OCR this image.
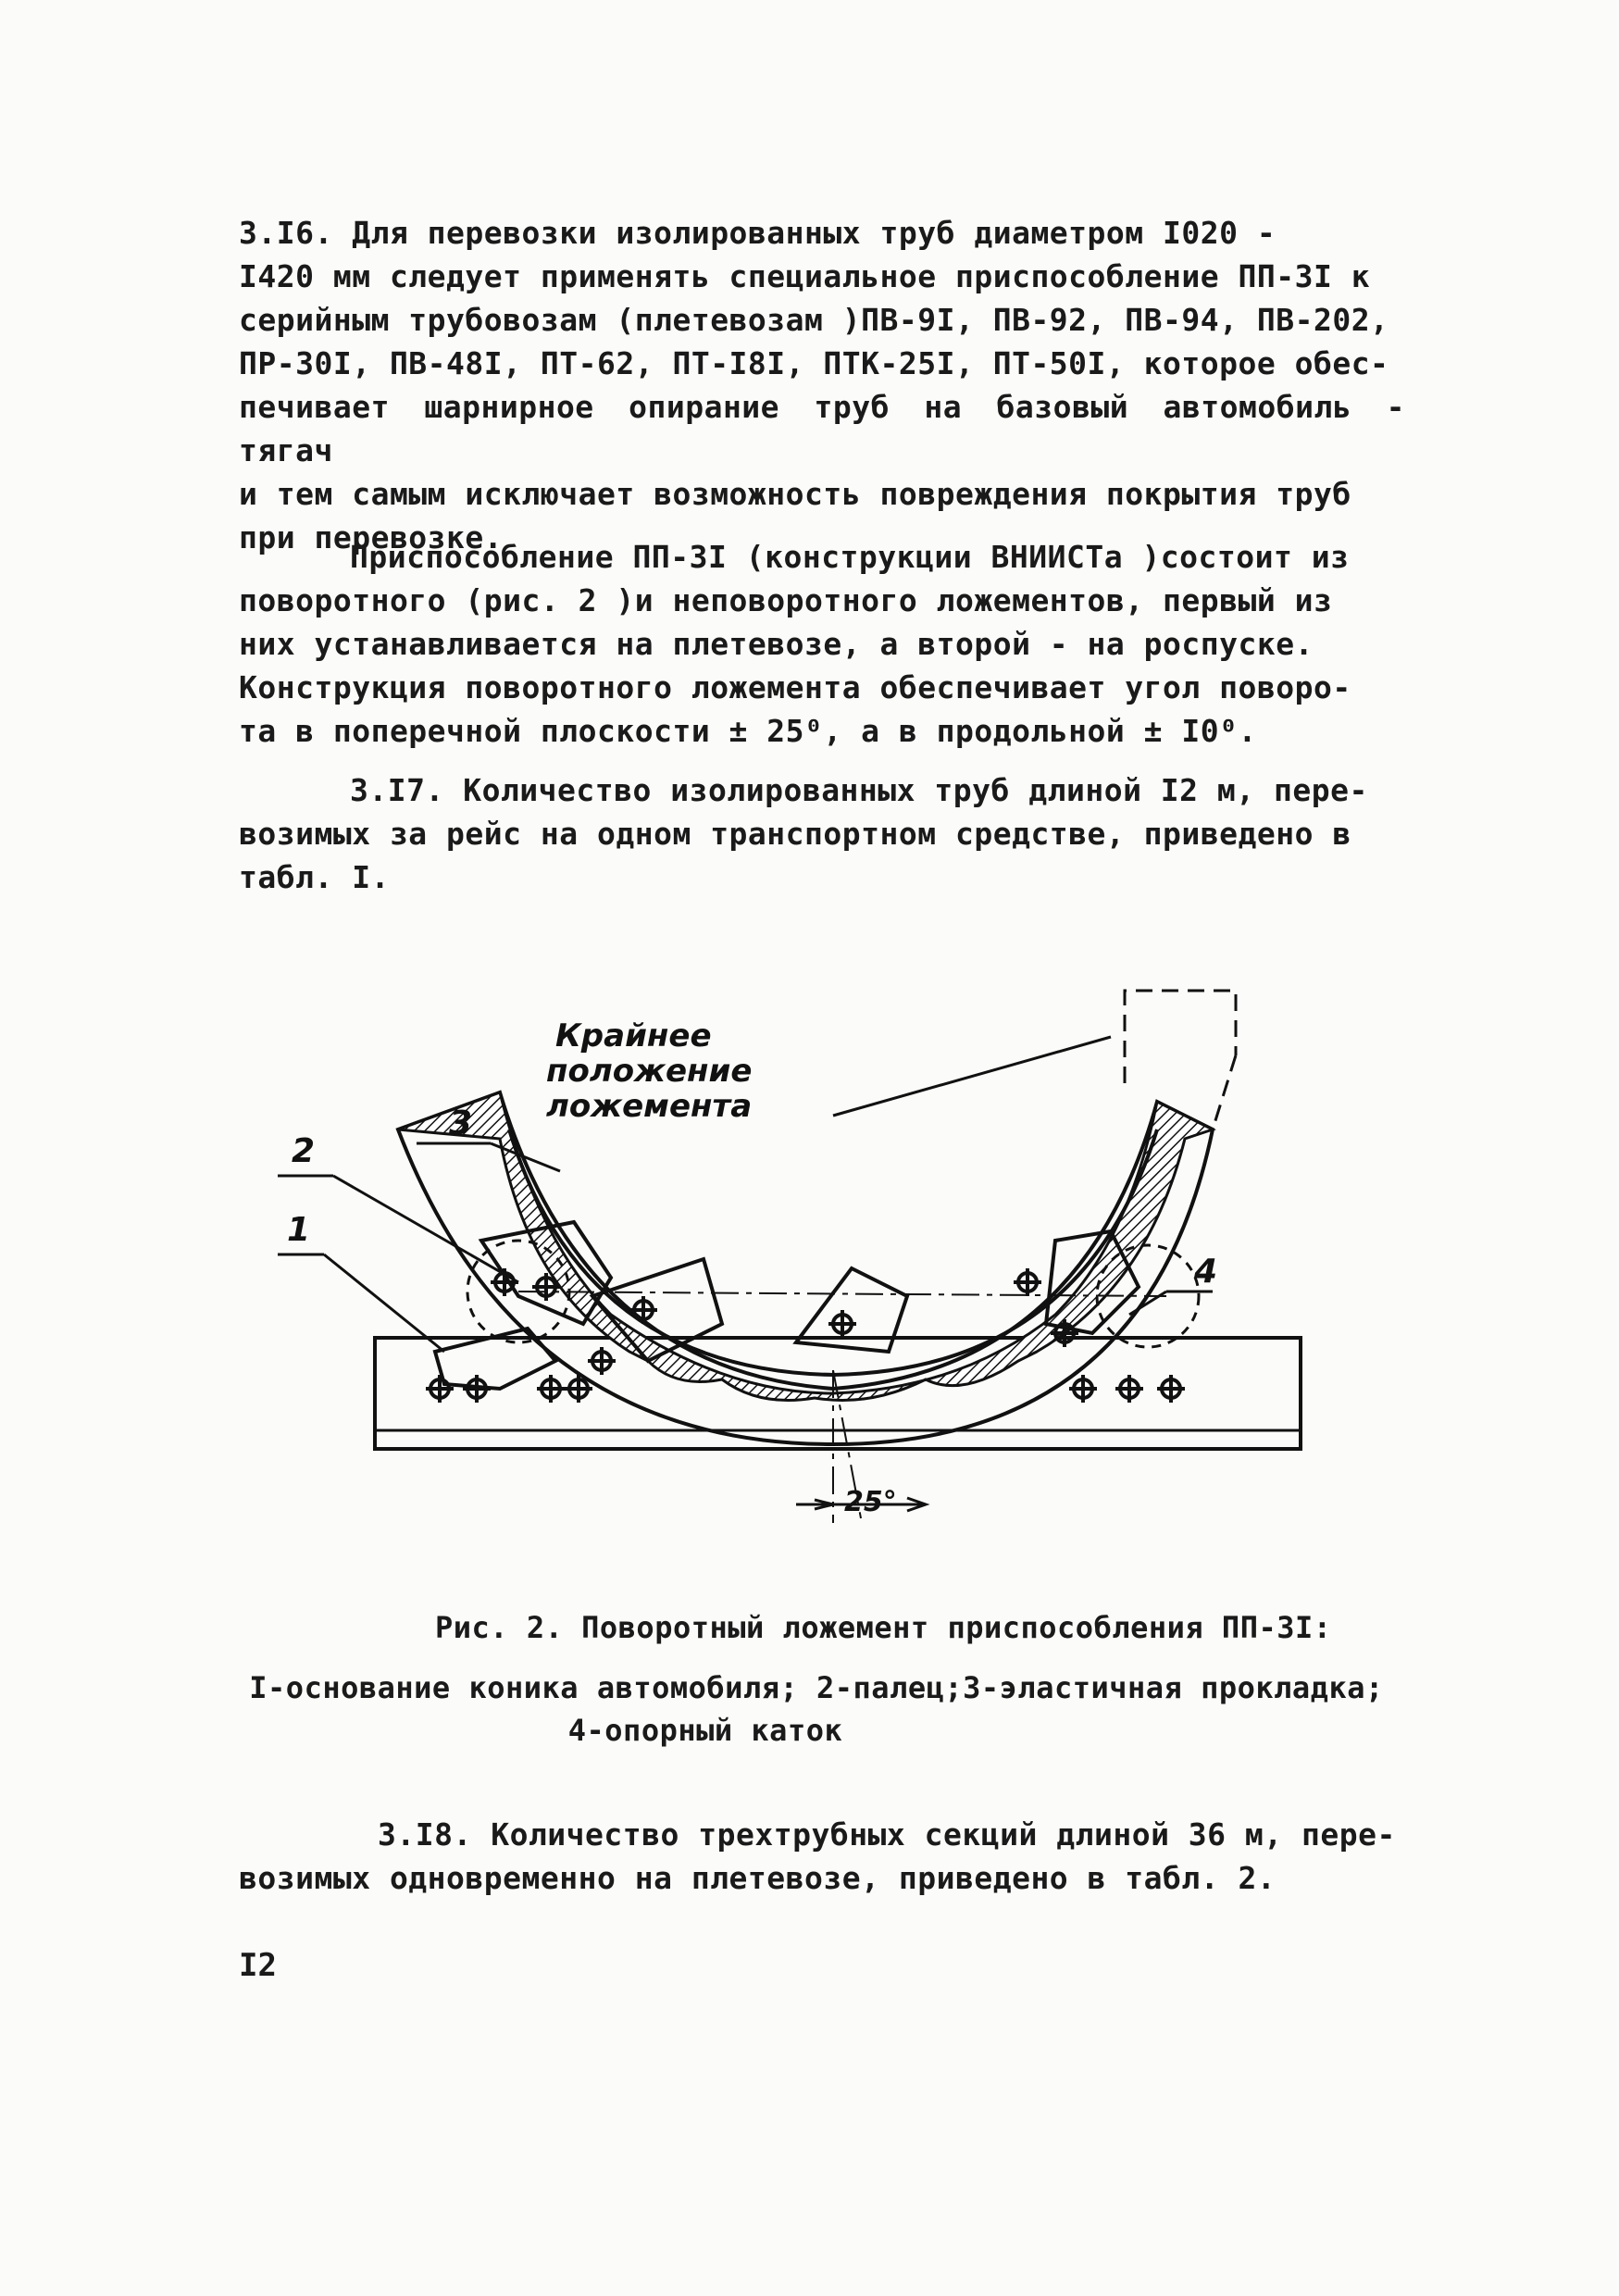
3.I6. Для перевозки изолированных труб диаметром I020 -
I420 мм следует применять специальное приспособление ПП-3I к
серийным трубовозам (плетевозам )ПВ-9I, ПВ-92, ПВ-94, ПВ-202,
ПР-30I, ПВ-48I, ПТ-62, ПТ-I8I, ПТК-25I, ПТ-50I, которое обес-
печивает шарнирное опирание труб на базовый автомобиль - тягач
и тем самым исключает возможность повреждения покрытия труб
при перевозке.
Приспособление ПП-3I (конструкции ВНИИСТа )состоит из
поворотного (рис. 2 )и неповоротного ложементов, первый из
них устанавливается на плетевозе, а второй - на роспуске.
Конструкция поворотного ложемента обеспечивает угол поворо-
та в поперечной плоскости ± 25⁰, а в продольной ± I0⁰.
3.I7. Количество изолированных труб длиной I2 м, пере-
возимых за рейс на одном транспортном средстве, приведено в
табл. I.
25°
1
2
3
4
Крайнее положение ложемента
Рис. 2. Поворотный ложемент приспособления ПП-3I:
I-основание коника автомобиля; 2-палец;3-эластичная прокладка;
4-опорный каток
3.I8. Количество трехтрубных секций длиной 36 м, пере-
возимых одновременно на плетевозе, приведено в табл. 2.
I2
